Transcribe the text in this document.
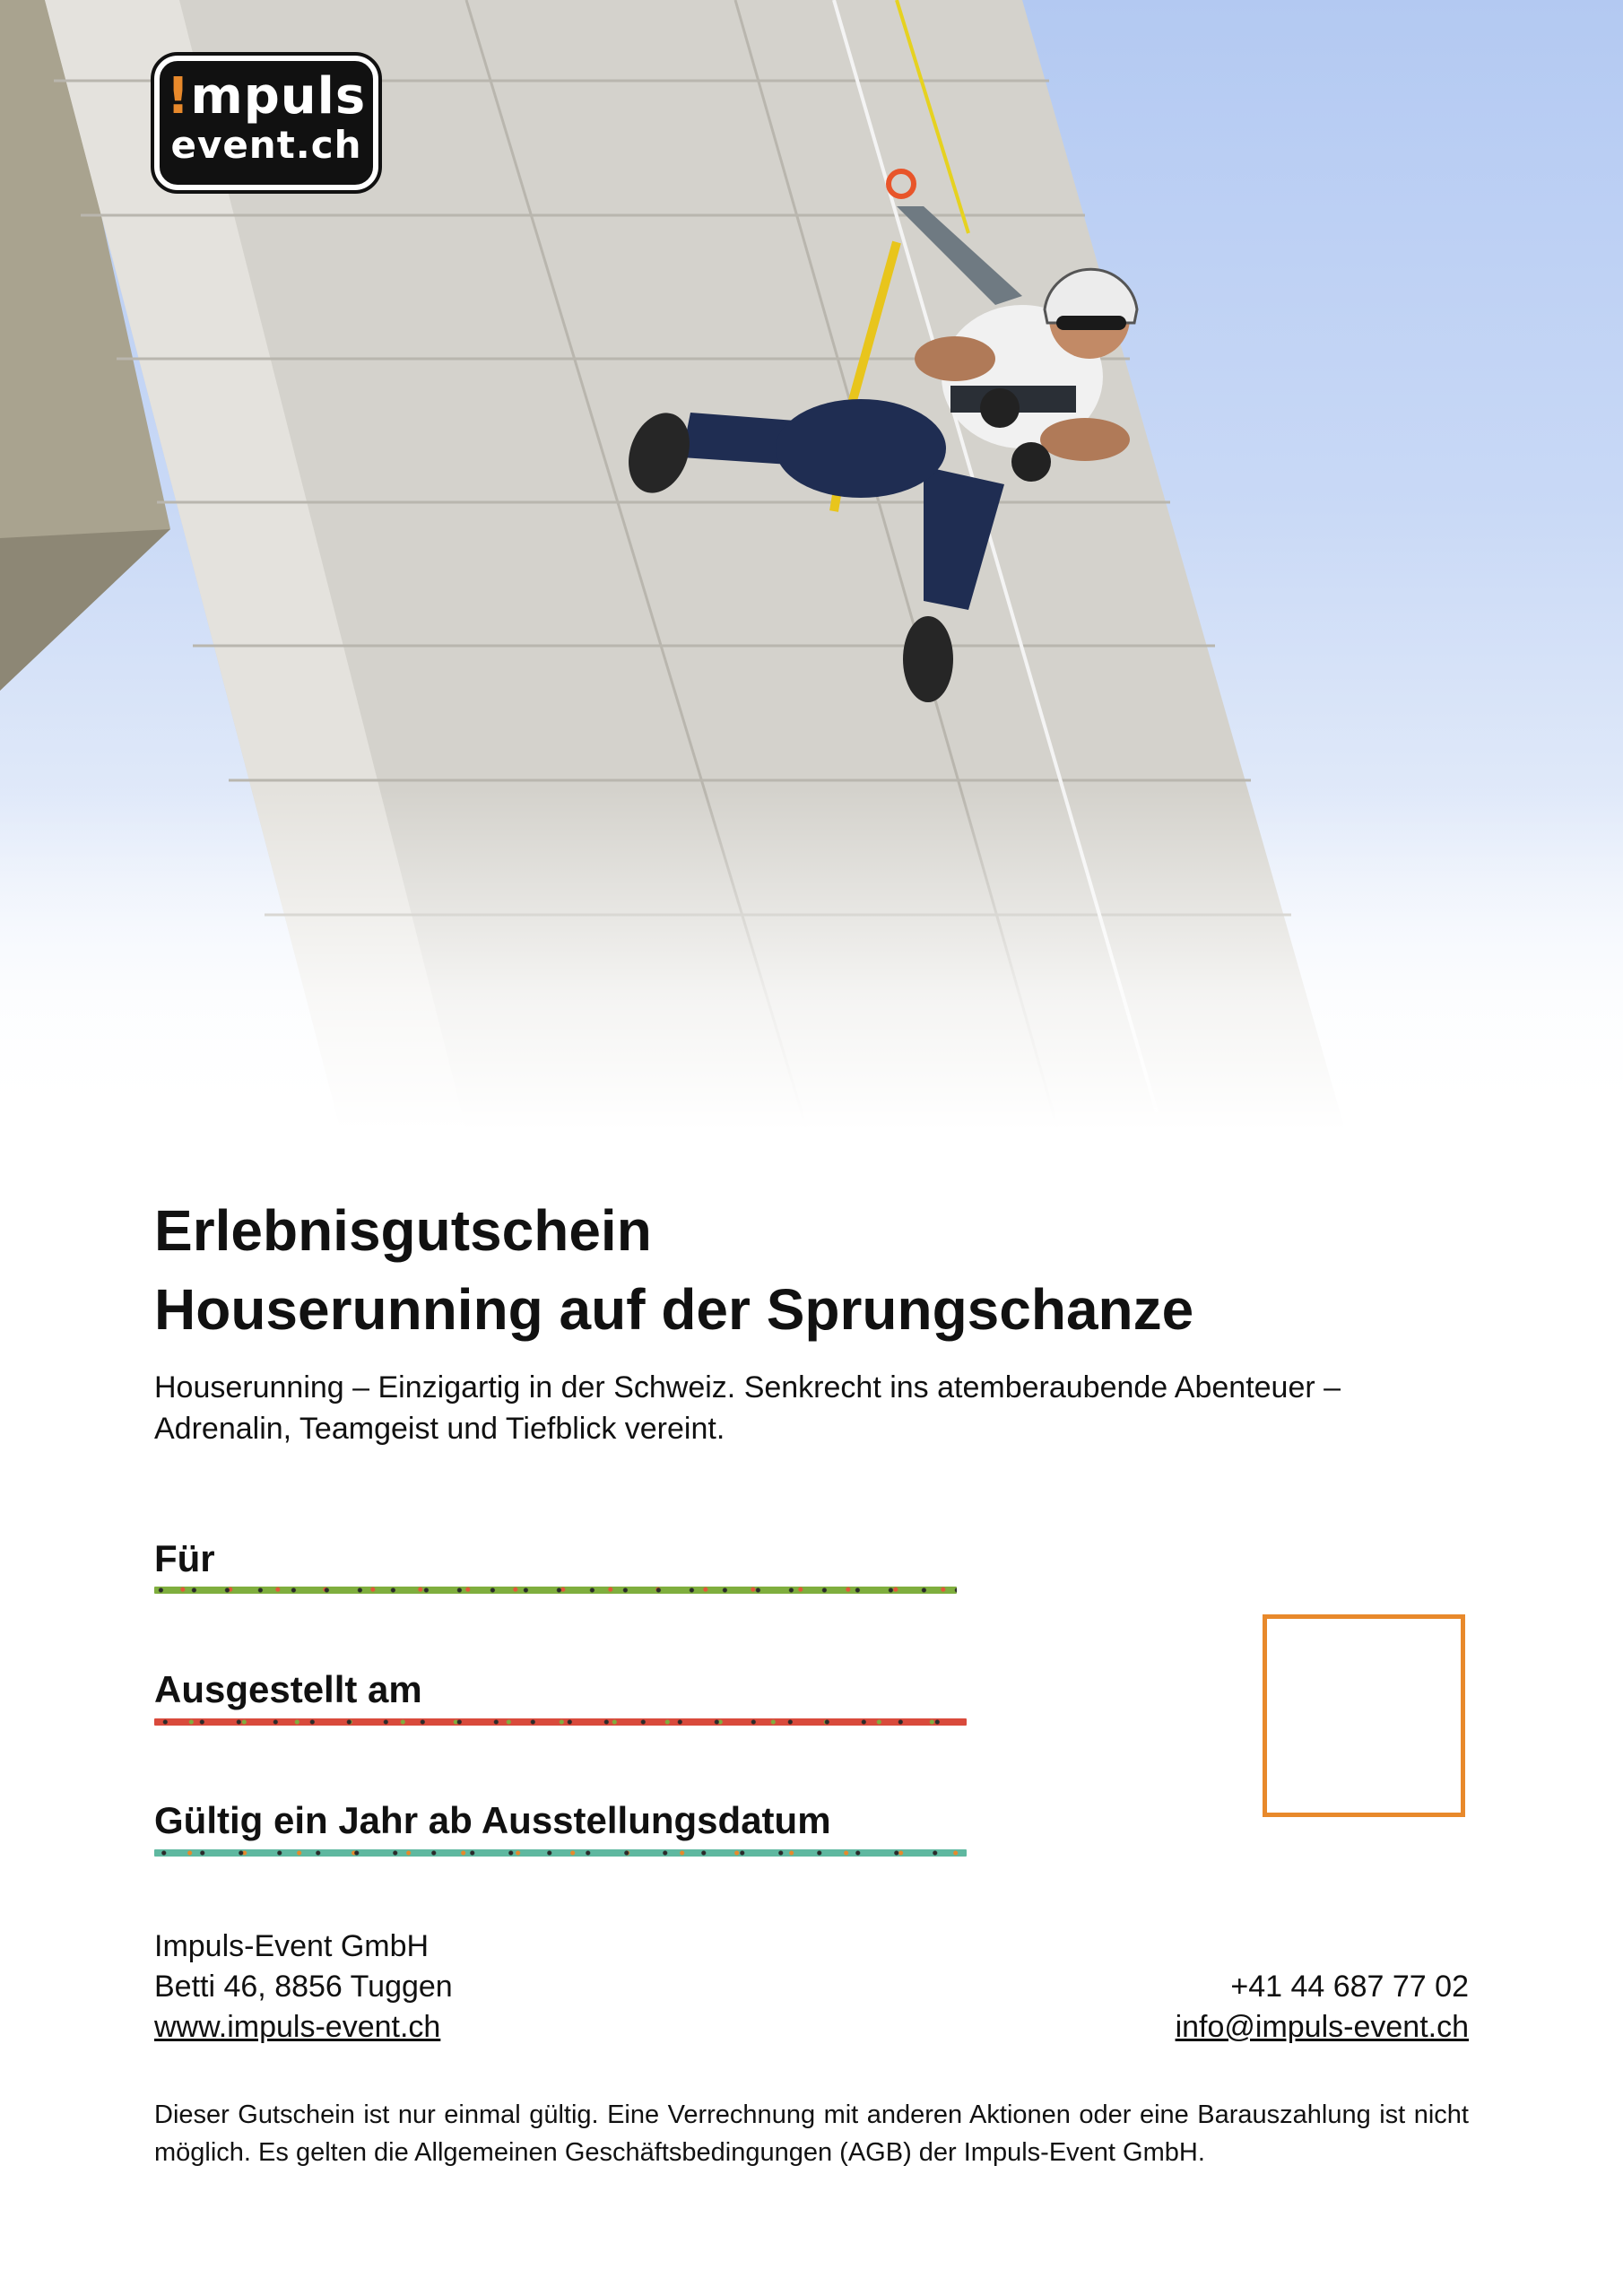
!mpuls
event.ch
Erlebnisgutschein
Houserunning auf der Sprungschanze

Houserunning – Einzigartig in der Schweiz. Senkrecht ins atemberaubende Abenteuer – Adrenalin, Teamgeist und Tiefblick vereint.

Für
Ausgestellt am
Gültig ein Jahr ab Ausstellungsdatum
Impuls-Event GmbH
Betti 46, 8856 Tuggen
www.impuls-event.ch
+41 44 687 77 02
info@impuls-event.ch

Dieser Gutschein ist nur einmal gültig. Eine Verrechnung mit anderen Aktionen oder eine Barauszahlung ist nicht möglich. Es gelten die Allgemeinen Geschäftsbedingungen (AGB) der Impuls-Event GmbH.
